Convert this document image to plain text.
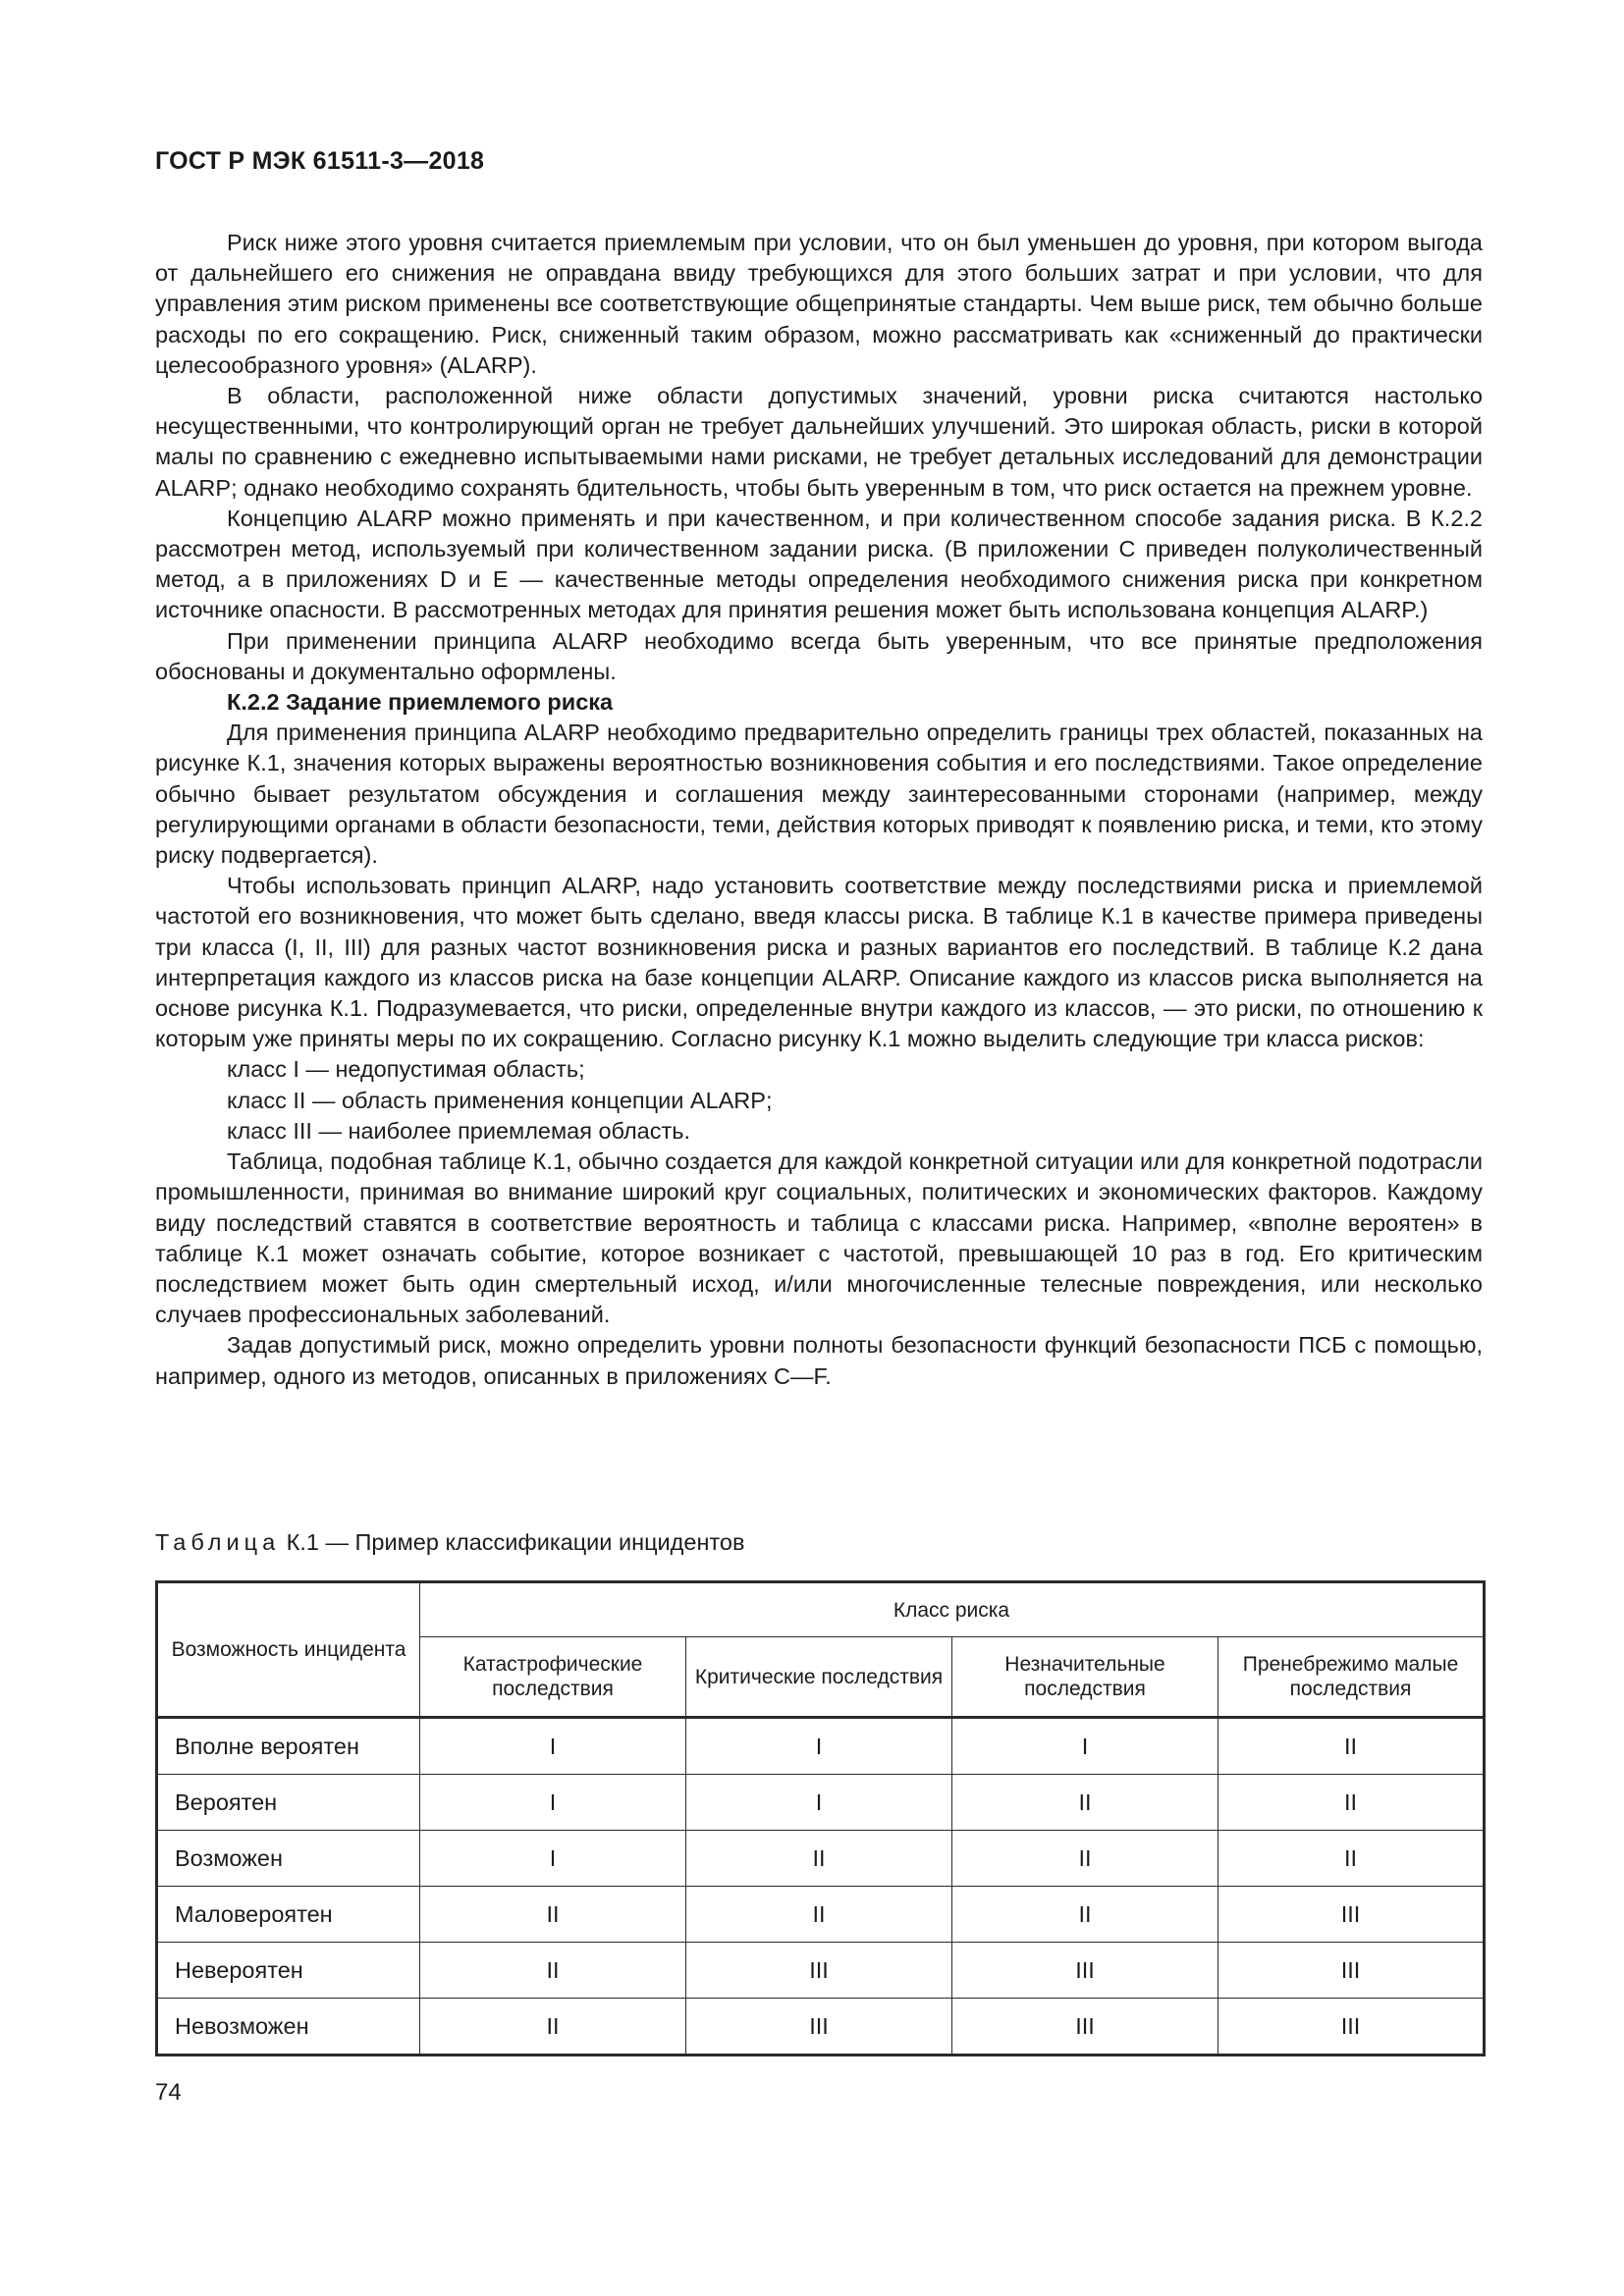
ГОСТ Р МЭК 61511-3—2018

Риск ниже этого уровня считается приемлемым при условии, что он был уменьшен до уровня, при котором выгода от дальнейшего его снижения не оправдана ввиду требующихся для этого больших затрат и при условии, что для управления этим риском применены все соответствующие общепринятые стандарты. Чем выше риск, тем обычно больше расходы по его сокращению. Риск, сниженный таким образом, можно рассматривать как «сниженный до практически целесообразного уровня» (ALARP).

В области, расположенной ниже области допустимых значений, уровни риска считаются настолько несущественными, что контролирующий орган не требует дальнейших улучшений. Это широкая область, риски в которой малы по сравнению с ежедневно испытываемыми нами рисками, не требует детальных исследований для демонстрации ALARP; однако необходимо сохранять бдительность, чтобы быть уверенным в том, что риск остается на прежнем уровне.

Концепцию ALARP можно применять и при качественном, и при количественном способе задания риска. В К.2.2 рассмотрен метод, используемый при количественном задании риска. (В приложении С приведен полуколичественный метод, а в приложениях D и Е — качественные методы определения необходимого снижения риска при конкретном источнике опасности. В рассмотренных методах для принятия решения может быть использована концепция ALARP.)

При применении принципа ALARP необходимо всегда быть уверенным, что все принятые предположения обоснованы и документально оформлены.

К.2.2 Задание приемлемого риска

Для применения принципа ALARP необходимо предварительно определить границы трех областей, показанных на рисунке К.1, значения которых выражены вероятностью возникновения события и его последствиями. Такое определение обычно бывает результатом обсуждения и соглашения между заинтересованными сторонами (например, между регулирующими органами в области безопасности, теми, действия которых приводят к появлению риска, и теми, кто этому риску подвергается).

Чтобы использовать принцип ALARP, надо установить соответствие между последствиями риска и приемлемой частотой его возникновения, что может быть сделано, введя классы риска. В таблице К.1 в качестве примера приведены три класса (I, II, III) для разных частот возникновения риска и разных вариантов его последствий. В таблице К.2 дана интерпретация каждого из классов риска на базе концепции ALARP. Описание каждого из классов риска выполняется на основе рисунка К.1. Подразумевается, что риски, определенные внутри каждого из классов, — это риски, по отношению к которым уже приняты меры по их сокращению. Согласно рисунку К.1 можно выделить следующие три класса рисков:

класс I — недопустимая область;

класс II — область применения концепции ALARP;

класс III — наиболее приемлемая область.

Таблица, подобная таблице К.1, обычно создается для каждой конкретной ситуации или для конкретной подотрасли промышленности, принимая во внимание широкий круг социальных, политических и экономических факторов. Каждому виду последствий ставятся в соответствие вероятность и таблица с классами риска. Например, «вполне вероятен» в таблице К.1 может означать событие, которое возникает с частотой, превышающей 10 раз в год. Его критическим последствием может быть один смертельный исход, и/или многочисленные телесные повреждения, или несколько случаев профессиональных заболеваний.

Задав допустимый риск, можно определить уровни полноты безопасности функций безопасности ПСБ с помощью, например, одного из методов, описанных в приложениях С—F.

Таблица К.1 — Пример классификации инцидентов
Возможность инцидента	Класс риска			
	Катастрофические последствия	Критические последствия	Незначительные последствия	Пренебрежимо малые последствия
Вполне вероятен	I	I	I	II
Вероятен	I	I	II	II
Возможен	I	II	II	II
Маловероятен	II	II	II	III
Невероятен	II	III	III	III
Невозможен	II	III	III	III
74
